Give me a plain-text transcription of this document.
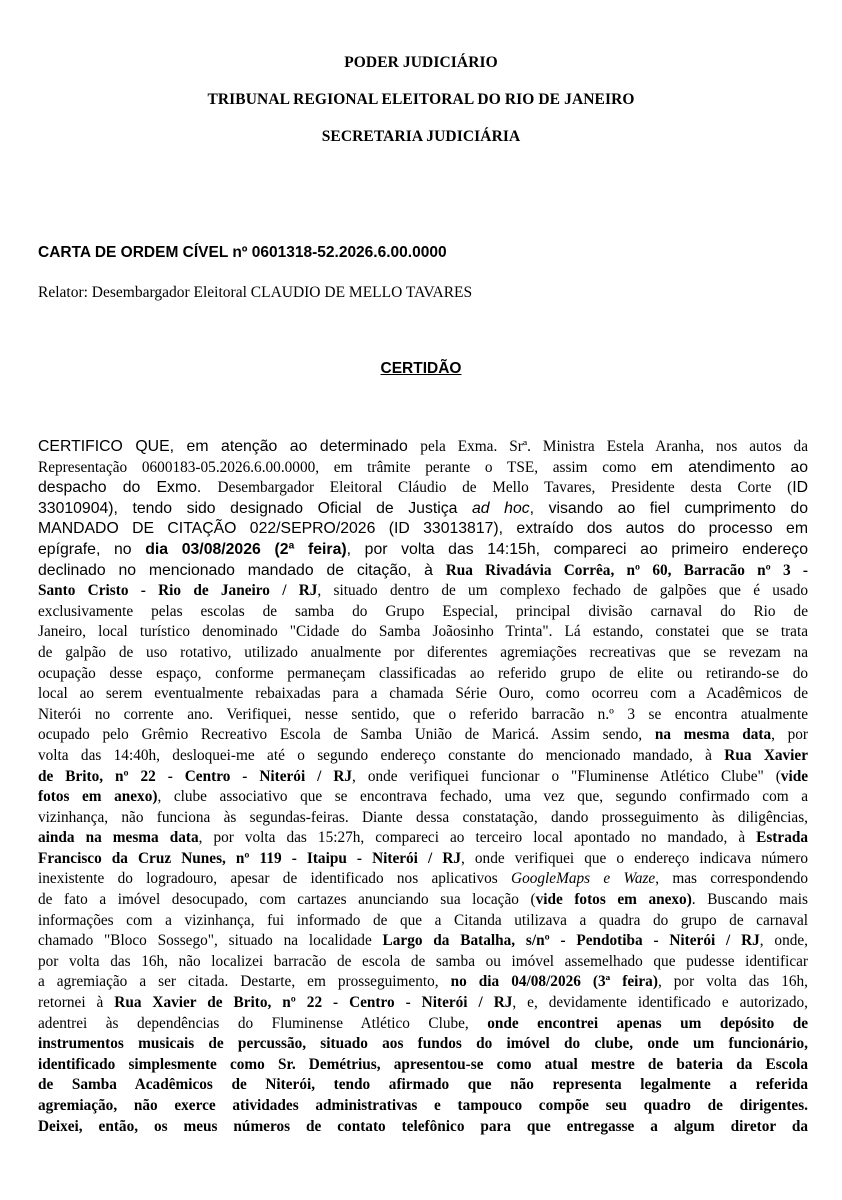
PODER JUDICIÁRIO
TRIBUNAL REGIONAL ELEITORAL DO RIO DE JANEIRO
SECRETARIA JUDICIÁRIA
CARTA DE ORDEM CÍVEL nº 0601318-52.2026.6.00.0000
Relator: Desembargador Eleitoral CLAUDIO DE MELLO TAVARES
CERTIDÃO
CERTIFICO QUE, em atenção ao determinado pela Exma. Srª. Ministra Estela Aranha, nos autos da
Representação 0600183-05.2026.6.00.0000, em trâmite perante o TSE, assim como em atendimento ao
despacho do Exmo. Desembargador Eleitoral Cláudio de Mello Tavares, Presidente desta Corte (ID
33010904), tendo sido designado Oficial de Justiça ad hoc, visando ao fiel cumprimento do
MANDADO DE CITAÇÃO 022/SEPRO/2026 (ID 33013817), extraído dos autos do processo em
epígrafe, no dia 03/08/2026 (2ª feira), por volta das 14:15h, compareci ao primeiro endereço
declinado no mencionado mandado de citação, à Rua Rivadávia Corrêa, nº 60, Barracão nº 3 -
Santo Cristo - Rio de Janeiro / RJ, situado dentro de um complexo fechado de galpões que é usado
exclusivamente pelas escolas de samba do Grupo Especial, principal divisão carnaval do Rio de
Janeiro, local turístico denominado "Cidade do Samba Joãosinho Trinta". Lá estando, constatei que se trata
de galpão de uso rotativo, utilizado anualmente por diferentes agremiações recreativas que se revezam na
ocupação desse espaço, conforme permaneçam classificadas ao referido grupo de elite ou retirando-se do
local ao serem eventualmente rebaixadas para a chamada Série Ouro, como ocorreu com a Acadêmicos de
Niterói no corrente ano. Verifiquei, nesse sentido, que o referido barracão n.º 3 se encontra atualmente
ocupado pelo Grêmio Recreativo Escola de Samba União de Maricá. Assim sendo, na mesma data, por
volta das 14:40h, desloquei-me até o segundo endereço constante do mencionado mandado, à Rua Xavier
de Brito, nº 22 - Centro - Niterói / RJ, onde verifiquei funcionar o "Fluminense Atlético Clube" (vide
fotos em anexo), clube associativo que se encontrava fechado, uma vez que, segundo confirmado com a
vizinhança, não funciona às segundas-feiras. Diante dessa constatação, dando prosseguimento às diligências,
ainda na mesma data, por volta das 15:27h, compareci ao terceiro local apontado no mandado, à Estrada
Francisco da Cruz Nunes, nº 119 - Itaipu - Niterói / RJ, onde verifiquei que o endereço indicava número
inexistente do logradouro, apesar de identificado nos aplicativos GoogleMaps e Waze, mas correspondendo
de fato a imóvel desocupado, com cartazes anunciando sua locação (vide fotos em anexo). Buscando mais
informações com a vizinhança, fui informado de que a Citanda utilizava a quadra do grupo de carnaval
chamado "Bloco Sossego", situado na localidade Largo da Batalha, s/nº - Pendotiba - Niterói / RJ, onde,
por volta das 16h, não localizei barracão de escola de samba ou imóvel assemelhado que pudesse identificar
a agremiação a ser citada. Destarte, em prosseguimento, no dia 04/08/2026 (3ª feira), por volta das 16h,
retornei à Rua Xavier de Brito, nº 22 - Centro - Niterói / RJ, e, devidamente identificado e autorizado,
adentrei às dependências do Fluminense Atlético Clube, onde encontrei apenas um depósito de
instrumentos musicais de percussão, situado aos fundos do imóvel do clube, onde um funcionário,
identificado simplesmente como Sr. Demétrius, apresentou-se como atual mestre de bateria da Escola
de Samba Acadêmicos de Niterói, tendo afirmado que não representa legalmente a referida
agremiação, não exerce atividades administrativas e tampouco compõe seu quadro de dirigentes.
Deixei, então, os meus números de contato telefônico para que entregasse a algum diretor da
